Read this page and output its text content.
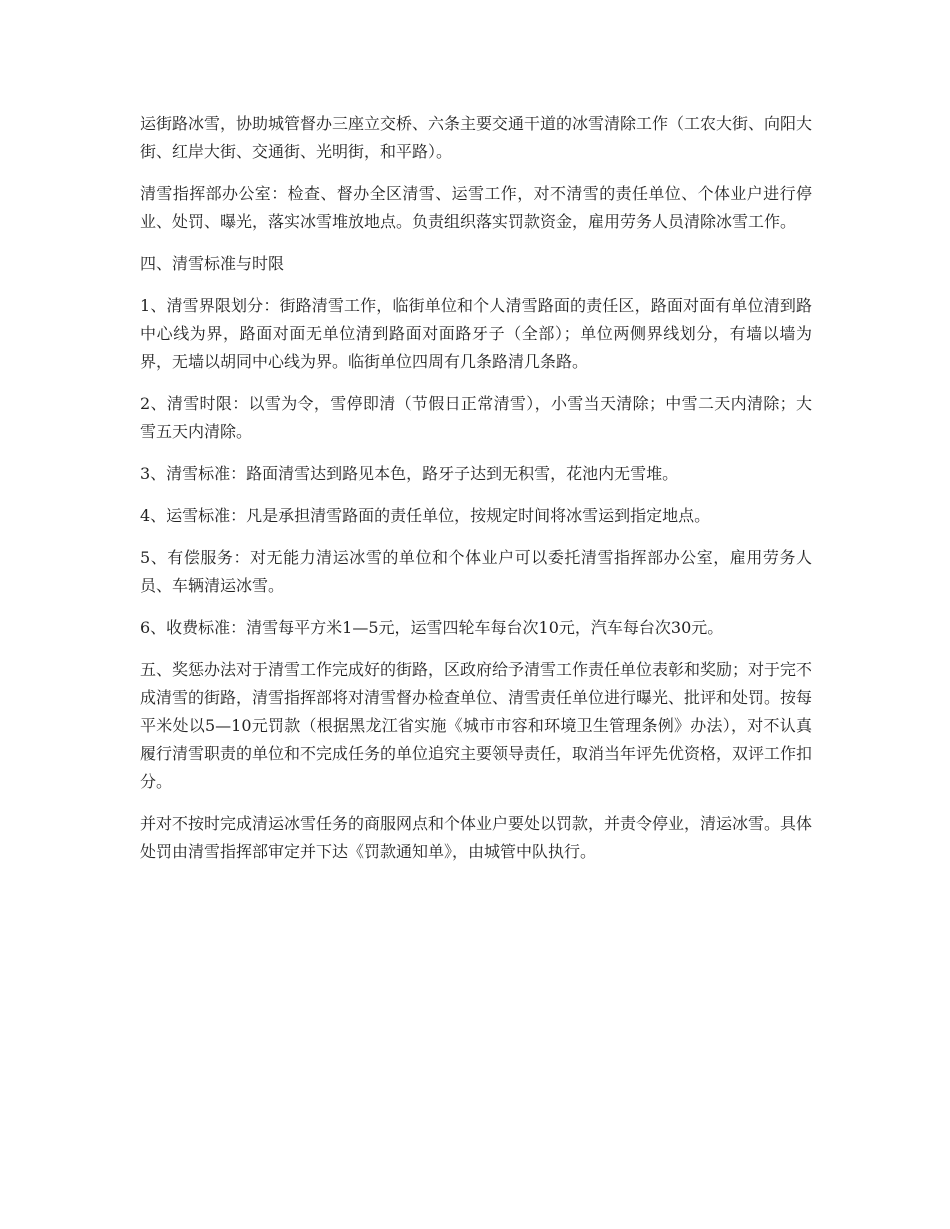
运街路冰雪，协助城管督办三座立交桥、六条主要交通干道的冰雪清除工作（工农大街、向阳大街、红岸大街、交通街、光明街，和平路）。

清雪指挥部办公室：检查、督办全区清雪、运雪工作，对不清雪的责任单位、个体业户进行停业、处罚、曝光，落实冰雪堆放地点。负责组织落实罚款资金，雇用劳务人员清除冰雪工作。

四、清雪标准与时限

1、清雪界限划分：街路清雪工作，临街单位和个人清雪路面的责任区，路面对面有单位清到路中心线为界，路面对面无单位清到路面对面路牙子（全部）；单位两侧界线划分，有墙以墙为界，无墙以胡同中心线为界。临街单位四周有几条路清几条路。

2、清雪时限：以雪为令，雪停即清（节假日正常清雪），小雪当天清除；中雪二天内清除；大雪五天内清除。

3、清雪标准：路面清雪达到路见本色，路牙子达到无积雪，花池内无雪堆。

4、运雪标准：凡是承担清雪路面的责任单位，按规定时间将冰雪运到指定地点。

5、有偿服务：对无能力清运冰雪的单位和个体业户可以委托清雪指挥部办公室，雇用劳务人员、车辆清运冰雪。

6、收费标准：清雪每平方米1—5元，运雪四轮车每台次10元，汽车每台次30元。

五、奖惩办法对于清雪工作完成好的街路，区政府给予清雪工作责任单位表彰和奖励；对于完不成清雪的街路，清雪指挥部将对清雪督办检查单位、清雪责任单位进行曝光、批评和处罚。按每平米处以5—10元罚款（根据黑龙江省实施《城市市容和环境卫生管理条例》办法），对不认真履行清雪职责的单位和不完成任务的单位追究主要领导责任，取消当年评先优资格，双评工作扣分。

并对不按时完成清运冰雪任务的商服网点和个体业户要处以罚款，并责令停业，清运冰雪。具体处罚由清雪指挥部审定并下达《罚款通知单》，由城管中队执行。
